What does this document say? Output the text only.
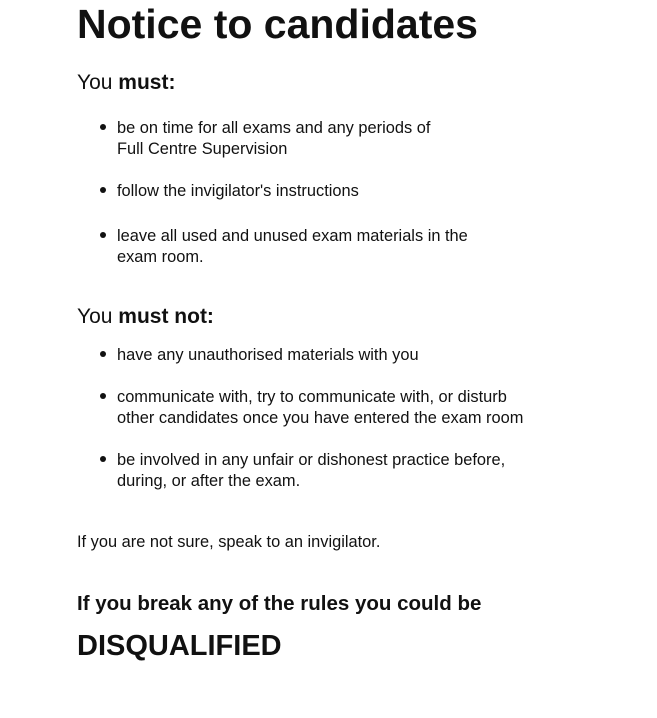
Notice to candidates
You must:
be on time for all exams and any periods of
Full Centre Supervision
follow the invigilator's instructions
leave all used and unused exam materials in the
exam room.
You must not:
have any unauthorised materials with you
communicate with, try to communicate with, or disturb
other candidates once you have entered the exam room
be involved in any unfair or dishonest practice before,
during, or after the exam.

If you are not sure, speak to an invigilator.

If you break any of the rules you could be

DISQUALIFIED
